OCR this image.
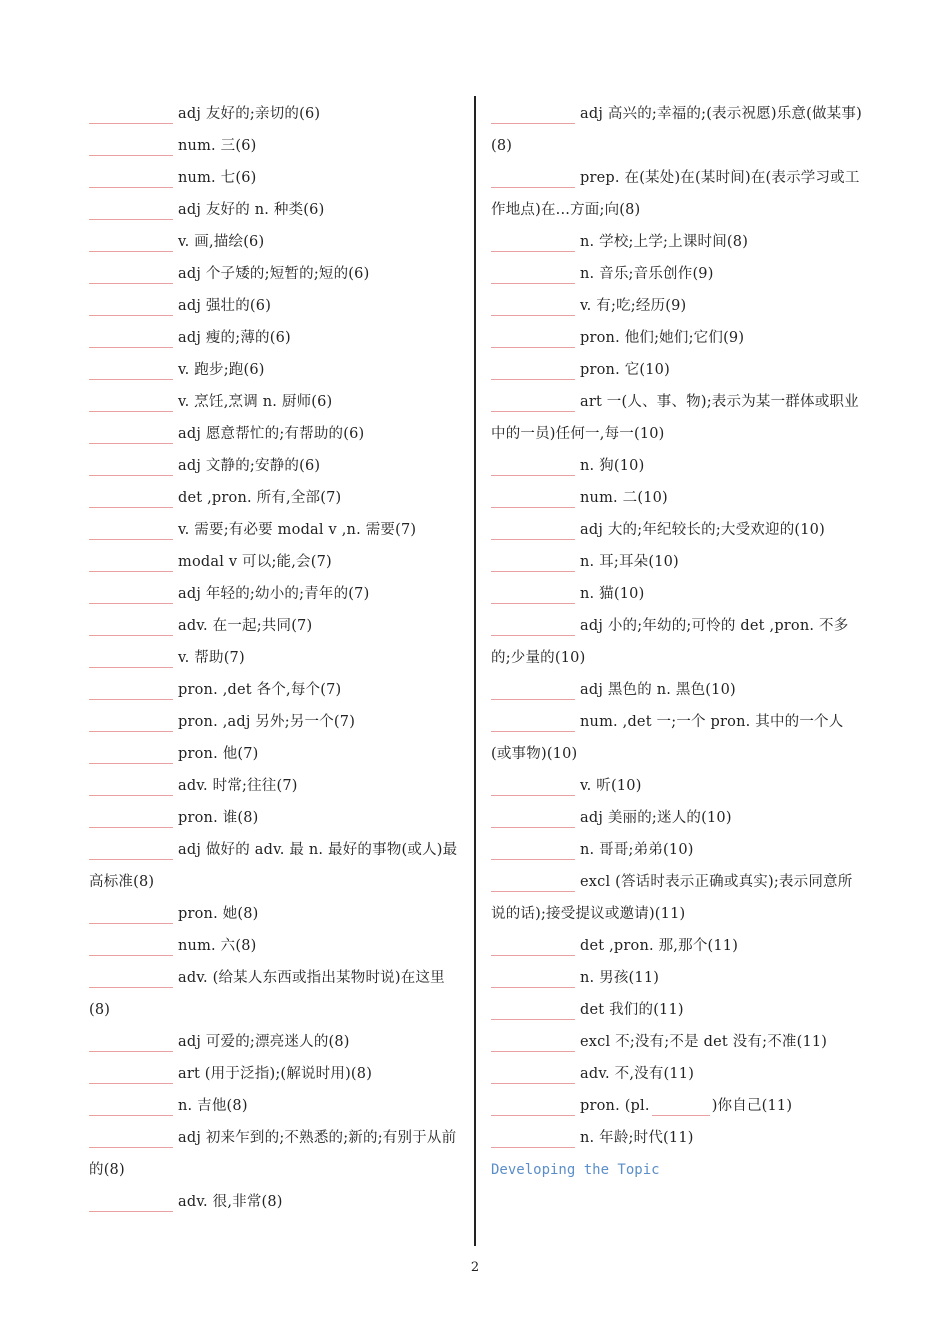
adj 友好的;亲切的(6)
num. 三(6)
num. 七(6)
adj 友好的 n. 种类(6)
v. 画,描绘(6)
adj 个子矮的;短暂的;短的(6)
adj 强壮的(6)
adj 瘦的;薄的(6)
v. 跑步;跑(6)
v. 烹饪,烹调 n. 厨师(6)
adj 愿意帮忙的;有帮助的(6)
adj 文静的;安静的(6)
det ,pron. 所有,全部(7)
v. 需要;有必要 modal v ,n. 需要(7)
modal v 可以;能,会(7)
adj 年轻的;幼小的;青年的(7)
adv. 在一起;共同(7)
v. 帮助(7)
pron. ,det 各个,每个(7)
pron. ,adj 另外;另一个(7)
pron. 他(7)
adv. 时常;往往(7)
pron. 谁(8)
adj 做好的 adv. 最 n. 最好的事物(或人)最高标准(8)
pron. 她(8)
num. 六(8)
adv. (给某人东西或指出某物时说)在这里(8)
adj 可爱的;漂亮迷人的(8)
art (用于泛指);(解说时用)(8)
n. 吉他(8)
adj 初来乍到的;不熟悉的;新的;有别于从前的(8)
adv. 很,非常(8)
adj 高兴的;幸福的;(表示祝愿)乐意(做某事)(8)
prep. 在(某处)在(某时间)在(表示学习或工作地点)在...方面;向(8)
n. 学校;上学;上课时间(8)
n. 音乐;音乐创作(9)
v. 有;吃;经历(9)
pron. 他们;她们;它们(9)
pron. 它(10)
art 一(人、事、物);表示为某一群体或职业中的一员)任何一,每一(10)
n. 狗(10)
num. 二(10)
adj 大的;年纪较长的;大受欢迎的(10)
n. 耳;耳朵(10)
n. 猫(10)
adj 小的;年幼的;可怜的 det ,pron. 不多的;少量的(10)
adj 黑色的 n. 黑色(10)
num. ,det 一;一个 pron. 其中的一个人(或事物)(10)
v. 听(10)
adj 美丽的;迷人的(10)
n. 哥哥;弟弟(10)
excl (答话时表示正确或真实);表示同意所说的话);接受提议或邀请)(11)
det ,pron. 那,那个(11)
n. 男孩(11)
det 我们的(11)
excl 不;没有;不是 det 没有;不准(11)
adv. 不,没有(11)
pron. (pl.	)你自己(11)
n. 年龄;时代(11)
Developing the Topic
2
